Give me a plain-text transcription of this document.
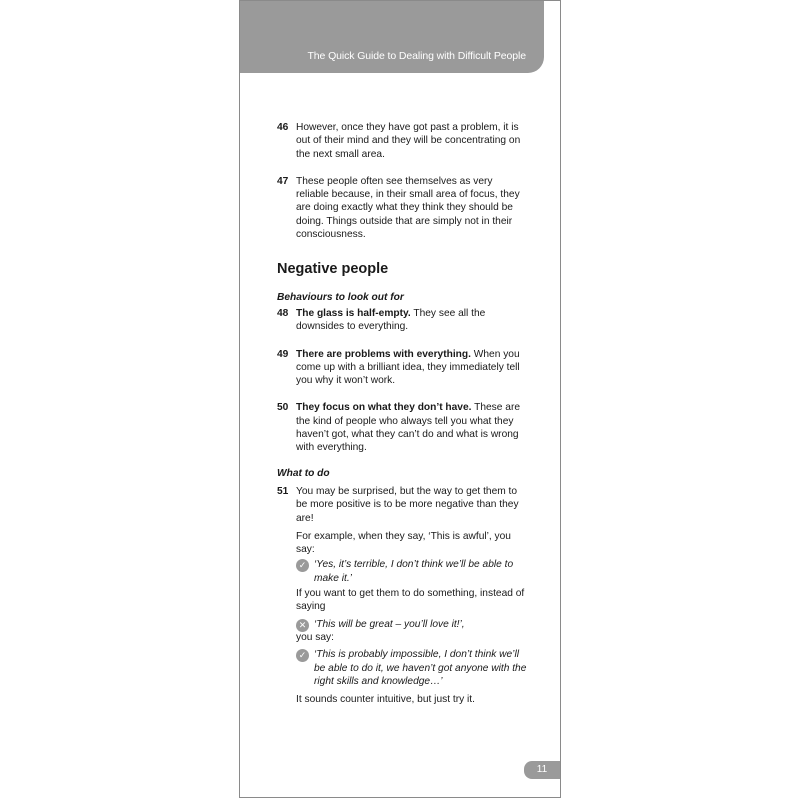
The Quick Guide to Dealing with Difficult People
46 However, once they have got past a problem, it is out of their mind and they will be concentrating on the next small area.
47 These people often see themselves as very reliable because, in their small area of focus, they are doing exactly what they think they should be doing. Things outside that are simply not in their consciousness.
Negative people
Behaviours to look out for
48 The glass is half-empty. They see all the downsides to everything.
49 There are problems with everything. When you come up with a brilliant idea, they immediately tell you why it won’t work.
50 They focus on what they don’t have. These are the kind of people who always tell you what they haven’t got, what they can’t do and what is wrong with everything.
What to do
51 You may be surprised, but the way to get them to be more positive is to be more negative than they are!
For example, when they say, ‘This is awful’, you say:
✓ ‘Yes, it’s terrible, I don’t think we’ll be able to make it.’
If you want to get them to do something, instead of saying
✕ ‘This will be great – you’ll love it!’,
you say:
✓ ‘This is probably impossible, I don’t think we’ll be able to do it, we haven’t got anyone with the right skills and knowledge…’
It sounds counter intuitive, but just try it.
11
